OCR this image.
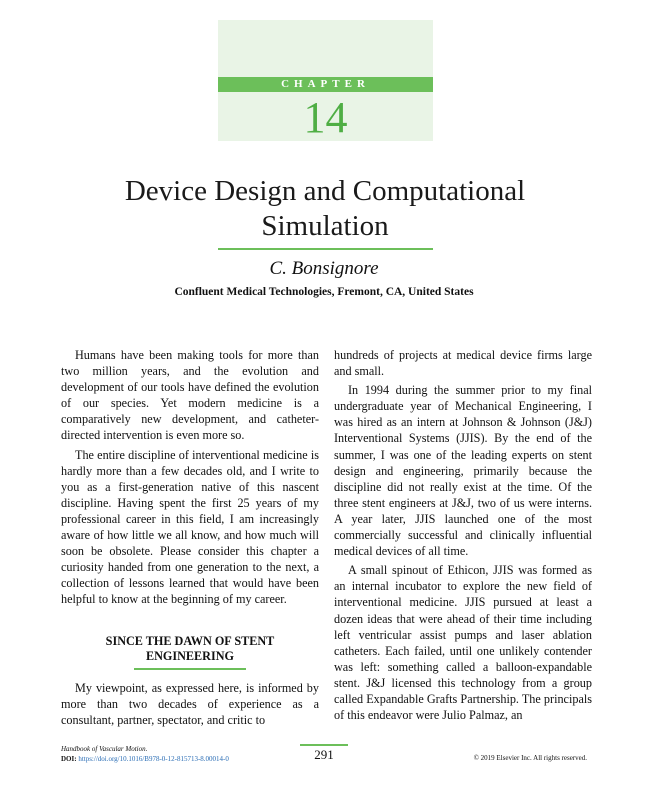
CHAPTER
14
Device Design and Computational Simulation
C. Bonsignore
Confluent Medical Technologies, Fremont, CA, United States

Humans have been making tools for more than two million years, and the evolution and development of our tools have defined the evolution of our species. Yet modern medicine is a comparatively new development, and catheter-directed intervention is even more so.

The entire discipline of interventional medicine is hardly more than a few decades old, and I write to you as a first-generation native of this nascent discipline. Having spent the first 25 years of my professional career in this field, I am increasingly aware of how little we all know, and how much will soon be obsolete. Please consider this chapter a curiosity handed from one generation to the next, a collection of lessons learned that would have been helpful to know at the beginning of my career.

SINCE THE DAWN OF STENT ENGINEERING

My viewpoint, as expressed here, is informed by more than two decades of experience as a consultant, partner, spectator, and critic to

hundreds of projects at medical device firms large and small.

In 1994 during the summer prior to my final undergraduate year of Mechanical Engineering, I was hired as an intern at Johnson & Johnson (J&J) Interventional Systems (JJIS). By the end of the summer, I was one of the leading experts on stent design and engineering, primarily because the discipline did not really exist at the time. Of the three stent engineers at J&J, two of us were interns. A year later, JJIS launched one of the most commercially successful and clinically influential medical devices of all time.

A small spinout of Ethicon, JJIS was formed as an internal incubator to explore the new field of interventional medicine. JJIS pursued at least a dozen ideas that were ahead of their time including left ventricular assist pumps and laser ablation catheters. Each failed, until one unlikely contender was left: something called a balloon-expandable stent. J&J licensed this technology from a group called Expandable Grafts Partnership. The principals of this endeavor were Julio Palmaz, an

Handbook of Vascular Motion.
DOI: https://doi.org/10.1016/B978-0-12-815713-8.00014-0	291	© 2019 Elsevier Inc. All rights reserved.
